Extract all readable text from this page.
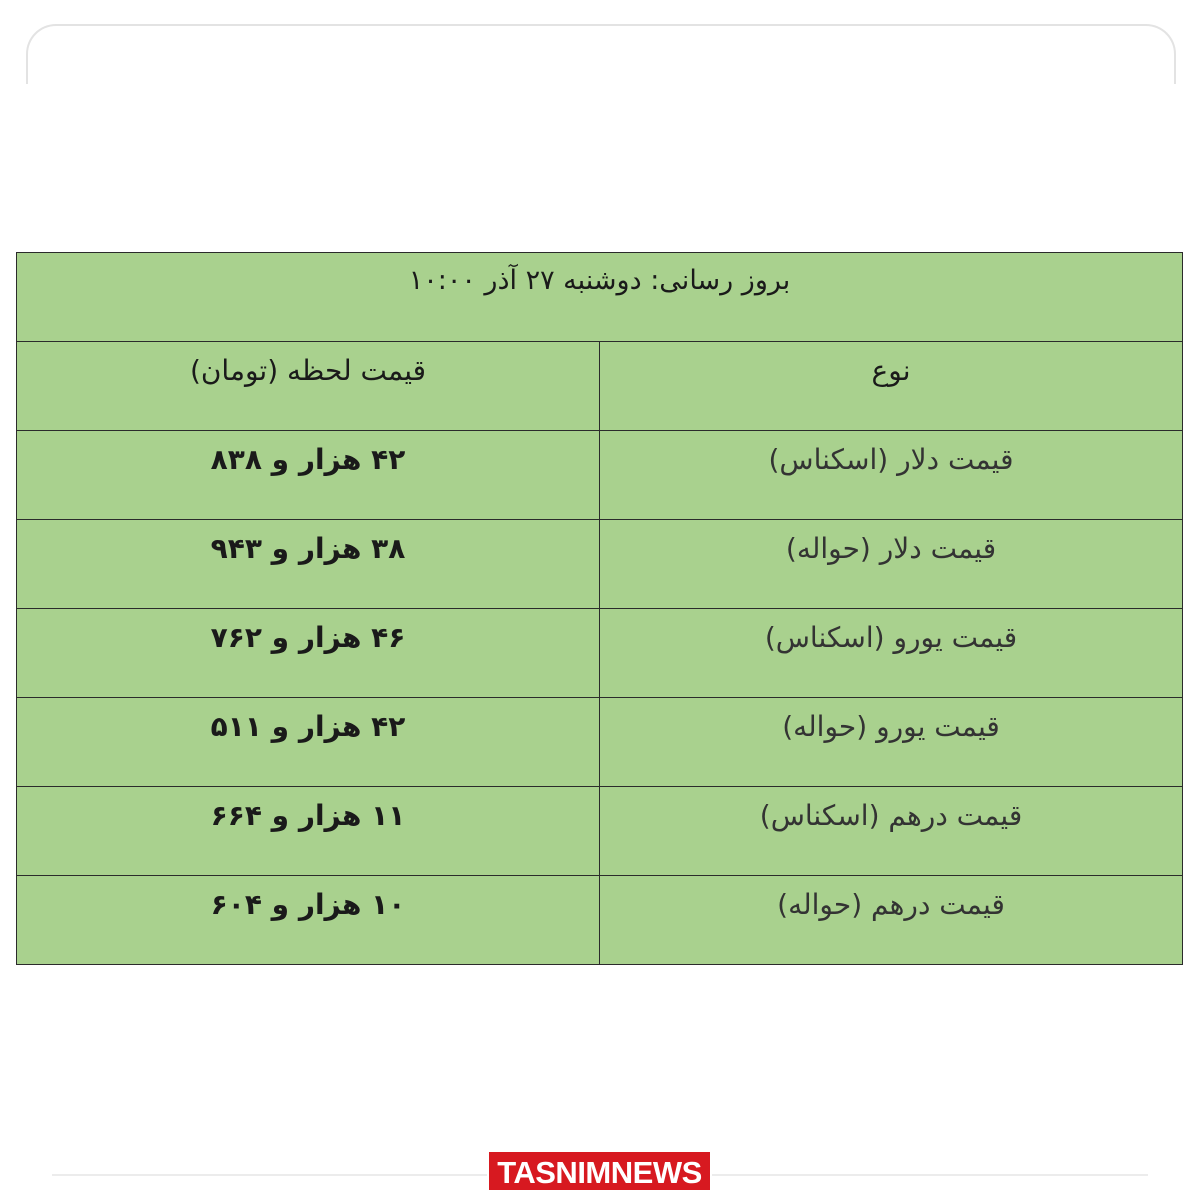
بروز رسانی: دوشنبه ۲۷ آذر ۱۰:۰۰	
نوع	قیمت لحظه (تومان)
قیمت دلار (اسکناس)	۴۲ هزار و ۸۳۸
قیمت دلار (حواله)	۳۸ هزار و ۹۴۳
قیمت یورو (اسکناس)	۴۶ هزار و ۷۶۲
قیمت یورو (حواله)	۴۲ هزار و ۵۱۱
قیمت درهم (اسکناس)	۱۱ هزار و ۶۶۴
قیمت درهم (حواله)	۱۰ هزار و ۶۰۴
TASNIMNEWS
